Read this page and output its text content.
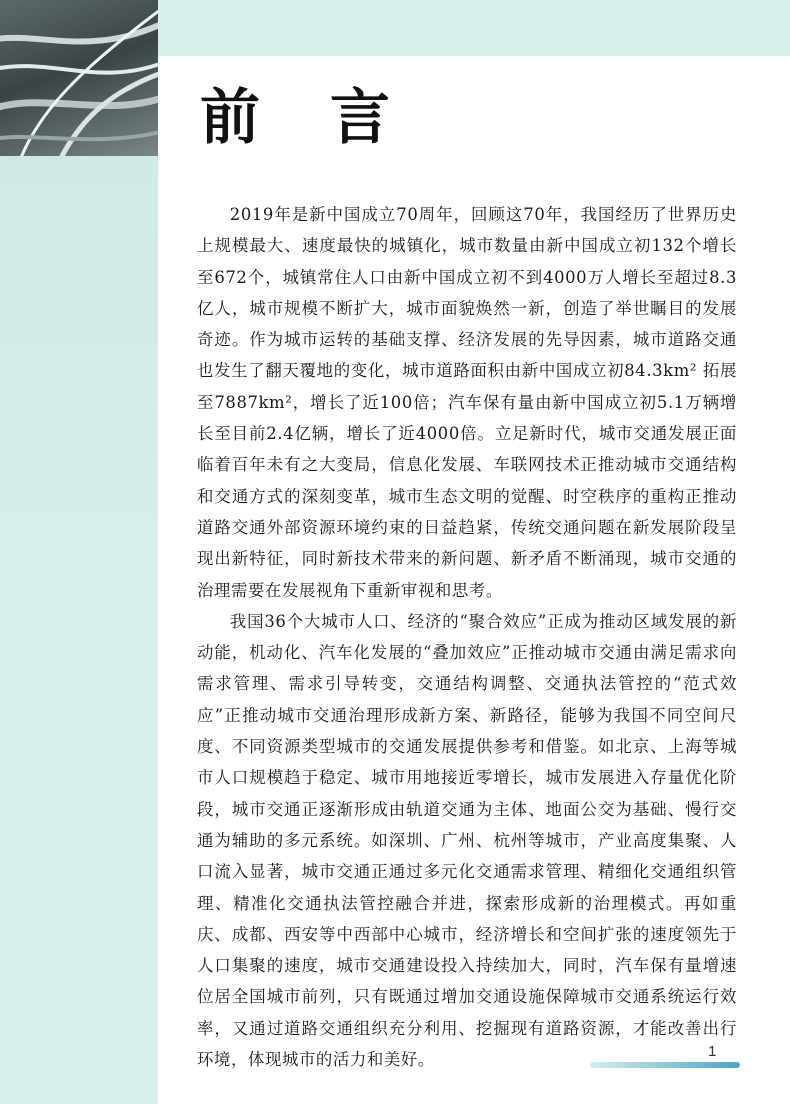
前言

2019年是新中国成立70周年，回顾这70年，我国经历了世界历史上规模最大、速度最快的城镇化，城市数量由新中国成立初132个增长至672个，城镇常住人口由新中国成立初不到4000万人增长至超过8.3亿人，城市规模不断扩大，城市面貌焕然一新，创造了举世瞩目的发展奇迹。作为城市运转的基础支撑、经济发展的先导因素，城市道路交通也发生了翻天覆地的变化，城市道路面积由新中国成立初84.3km² 拓展至7887km²，增长了近100倍；汽车保有量由新中国成立初5.1万辆增长至目前2.4亿辆，增长了近4000倍。立足新时代，城市交通发展正面临着百年未有之大变局，信息化发展、车联网技术正推动城市交通结构和交通方式的深刻变革，城市生态文明的觉醒、时空秩序的重构正推动道路交通外部资源环境约束的日益趋紧，传统交通问题在新发展阶段呈现出新特征，同时新技术带来的新问题、新矛盾不断涌现，城市交通的治理需要在发展视角下重新审视和思考。

我国36个大城市人口、经济的“聚合效应”正成为推动区域发展的新动能，机动化、汽车化发展的“叠加效应”正推动城市交通由满足需求向需求管理、需求引导转变，交通结构调整、交通执法管控的“范式效应”正推动城市交通治理形成新方案、新路径，能够为我国不同空间尺度、不同资源类型城市的交通发展提供参考和借鉴。如北京、上海等城市人口规模趋于稳定、城市用地接近零增长，城市发展进入存量优化阶段，城市交通正逐渐形成由轨道交通为主体、地面公交为基础、慢行交通为辅助的多元系统。如深圳、广州、杭州等城市，产业高度集聚、人口流入显著，城市交通正通过多元化交通需求管理、精细化交通组织管理、精准化交通执法管控融合并进，探索形成新的治理模式。再如重庆、成都、西安等中西部中心城市，经济增长和空间扩张的速度领先于人口集聚的速度，城市交通建设投入持续加大，同时，汽车保有量增速位居全国城市前列，只有既通过增加交通设施保障城市交通系统运行效率，又通过道路交通组织充分利用、挖掘现有道路资源，才能改善出行环境，体现城市的活力和美好。	1
